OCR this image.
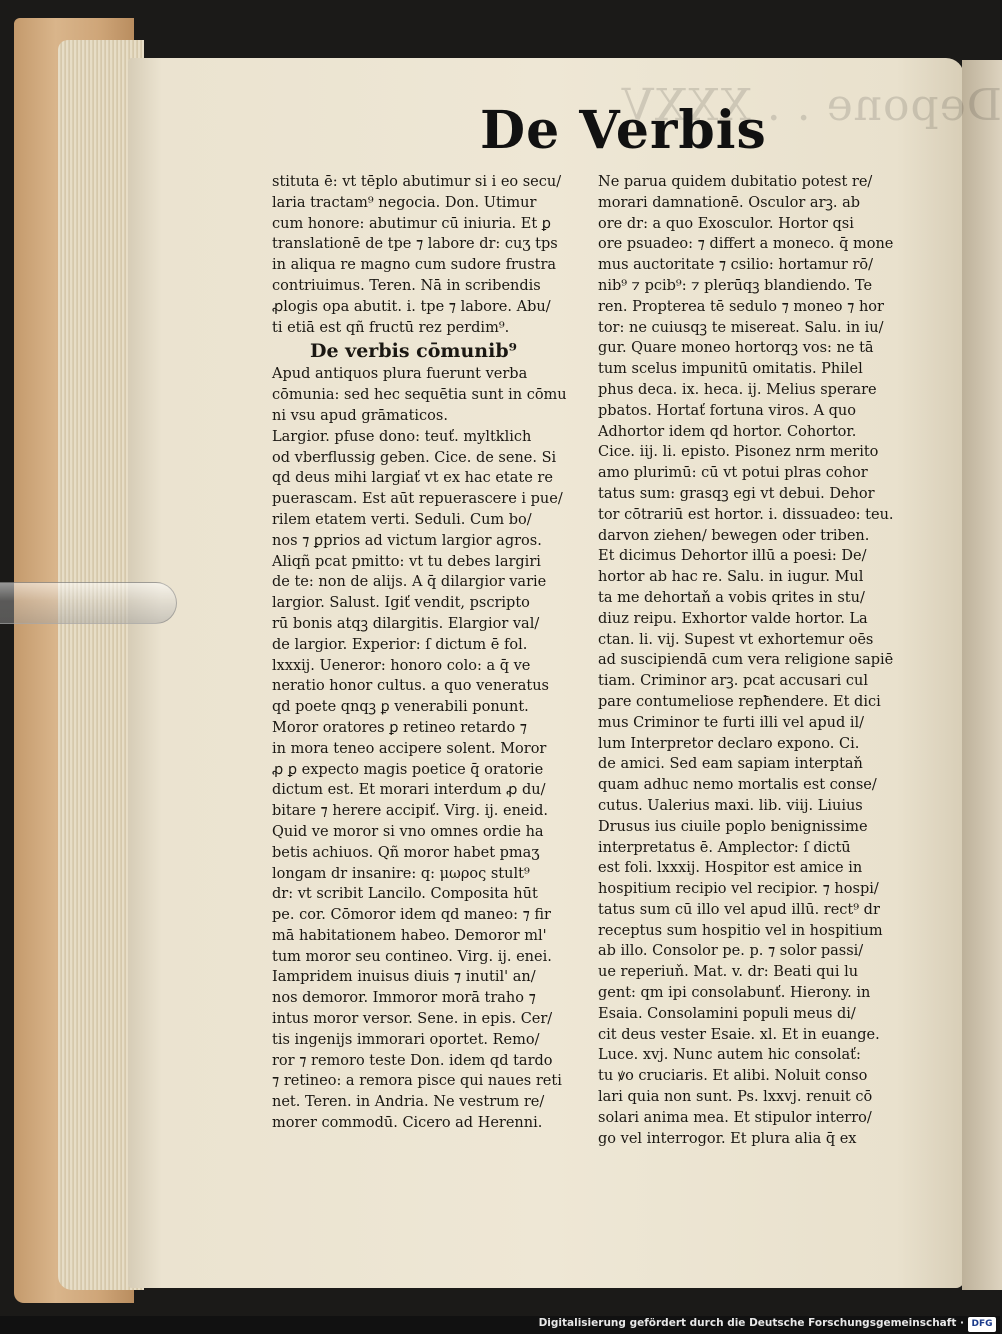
Depone . . XXXV
De Verbis
stituta ē: vt tēplo abutimur si i eo secu/
laria tractam⁹ negocia. Don. Utimur
cum honore: abutimur cū iniuria. Et ꝑ
translationē de tpe ⁊ labore dr: cuʒ tps
in aliqua re magno cum sudore frustra
contriuimus. Teren. Nā in scribendis
ꝓlogis opa abutit. i. tpe ⁊ labore. Abu/
ti etiā est qñ fructū rez perdim⁹.
De verbis cōmunib⁹
Apud antiquos plura fuerunt verba
cōmunia: sed hec sequētia sunt in cōmu
ni vsu apud grāmaticos.
Largior. pfuse dono: teuť. myltklich
od vberflussig geben. Cice. de sene. Si
qd deus mihi largiať vt ex hac etate re
puerascam. Est aūt repuerascere i pue/
rilem etatem verti. Seduli. Cum bo/
nos ⁊ ꝑprios ad victum largior agros.
Aliqñ pcat pmitto: vt tu debes largiri
de te: non de alijs. A q̄ dilargior varie
largior. Salust. Igiť vendit, pscripto
rū bonis atqꝫ dilargitis. Elargior val/
de largior. Experior: ſ dictum ē fol.
lxxxij. Ueneror: honoro colo: a q̄ ve
neratio honor cultus. a quo veneratus
qd poete qnqꝫ ꝑ venerabili ponunt.
Moror oratores ꝑ retineo retardo ⁊
in mora teneo accipere solent. Moror
ꝓ ꝑ expecto magis poetice q̄ oratorie
dictum est. Et morari interdum ꝓ du/
bitare ⁊ herere accipiť. Virg. ij. eneid.
Quid ve moror si vno omnes ordie ha
betis achiuos. Qñ moror habet pmaʒ
longam dr insanire: q: μωρος stult⁹
dr: vt scribit Lancilo. Composita hūt
pe. cor. Cōmoror idem qd maneo: ⁊ fir
mā habitationem habeo. Demoror ml'
tum moror seu contineo. Virg. ij. enei.
Iampridem inuisus diuis ⁊ inutil' an/
nos demoror. Immoror morā traho ⁊
intus moror versor. Sene. in epis. Cer/
tis ingenijs immorari oportet. Remo/
ror ⁊ remoro teste Don. idem qd tardo
⁊ retineo: a remora pisce qui naues reti
net. Teren. in Andria. Ne vestrum re/
morer commodū. Cicero ad Herenni.
Ne parua quidem dubitatio potest re/
morari damnationē. Osculor arꝫ. ab
ore dr: a quo Exosculor. Hortor qsi
ore psuadeo: ⁊ differt a moneco. q̄ mone
mus auctoritate ⁊ csilio: hortamur rō/
nib⁹ ⁊ pcib⁹: ⁊ plerūqꝫ blandiendo. Te
ren. Propterea tē sedulo ⁊ moneo ⁊ hor
tor: ne cuiusqꝫ te misereat. Salu. in iu/
gur. Quare moneo hortorqꝫ vos: ne tā
tum scelus impunitū omitatis. Philel
phus deca. ix. heca. ij. Melius sperare
pbatos. Hortať fortuna viros. A quo
Adhortor idem qd hortor. Cohortor.
Cice. iij. li. episto. Pisonez nrm merito
amo plurimū: cū vt potui plras cohor
tatus sum: grasqꝫ egi vt debui. Dehor
tor cōtrariū est hortor. i. dissuadeo: teu.
darvon ziehen/ bewegen oder triben.
Et dicimus Dehortor illū a poesi: De/
hortor ab hac re. Salu. in iugur. Mul
ta me dehortaň a vobis qrites in stu/
diuz reipu. Exhortor valde hortor. La
ctan. li. vij. Supest vt exhortemur oēs
ad suscipiendā cum vera religione sapiē
tiam. Criminor arꝫ. pcat accusari cul
pare contumeliose repħendere. Et dici
mus Criminor te furti illi vel apud il/
lum Interpretor declaro expono. Ci.
de amici. Sed eam sapiam interptaň
quam adhuc nemo mortalis est conse/
cutus. Ualerius maxi. lib. viij. Liuius
Drusus ius ciuile poplo benignissime
interpretatus ē. Amplector: ſ dictū
est foli. lxxxij. Hospitor est amice in
hospitium recipio vel recipior. ⁊ hospi/
tatus sum cū illo vel apud illū. rect⁹ dr
receptus sum hospitio vel in hospitium
ab illo. Consolor pe. p. ⁊ solor passi/
ue reperiuň. Mat. v. dr: Beati qui lu
gent: qm ipi consolabunť. Hierony. in
Esaia. Consolamini populi meus di/
cit deus vester Esaie. xl. Et in euange.
Luce. xvj. Nunc autem hic consolať:
tu ꝟo cruciaris. Et alibi. Noluit conso
lari quia non sunt. Ps. lxxvj. renuit cō
solari anima mea. Et stipulor interro/
go vel interrogor. Et plura alia q̄ ex
Digitalisierung gefördert durch die Deutsche Forschungsgemeinschaft · DFG
